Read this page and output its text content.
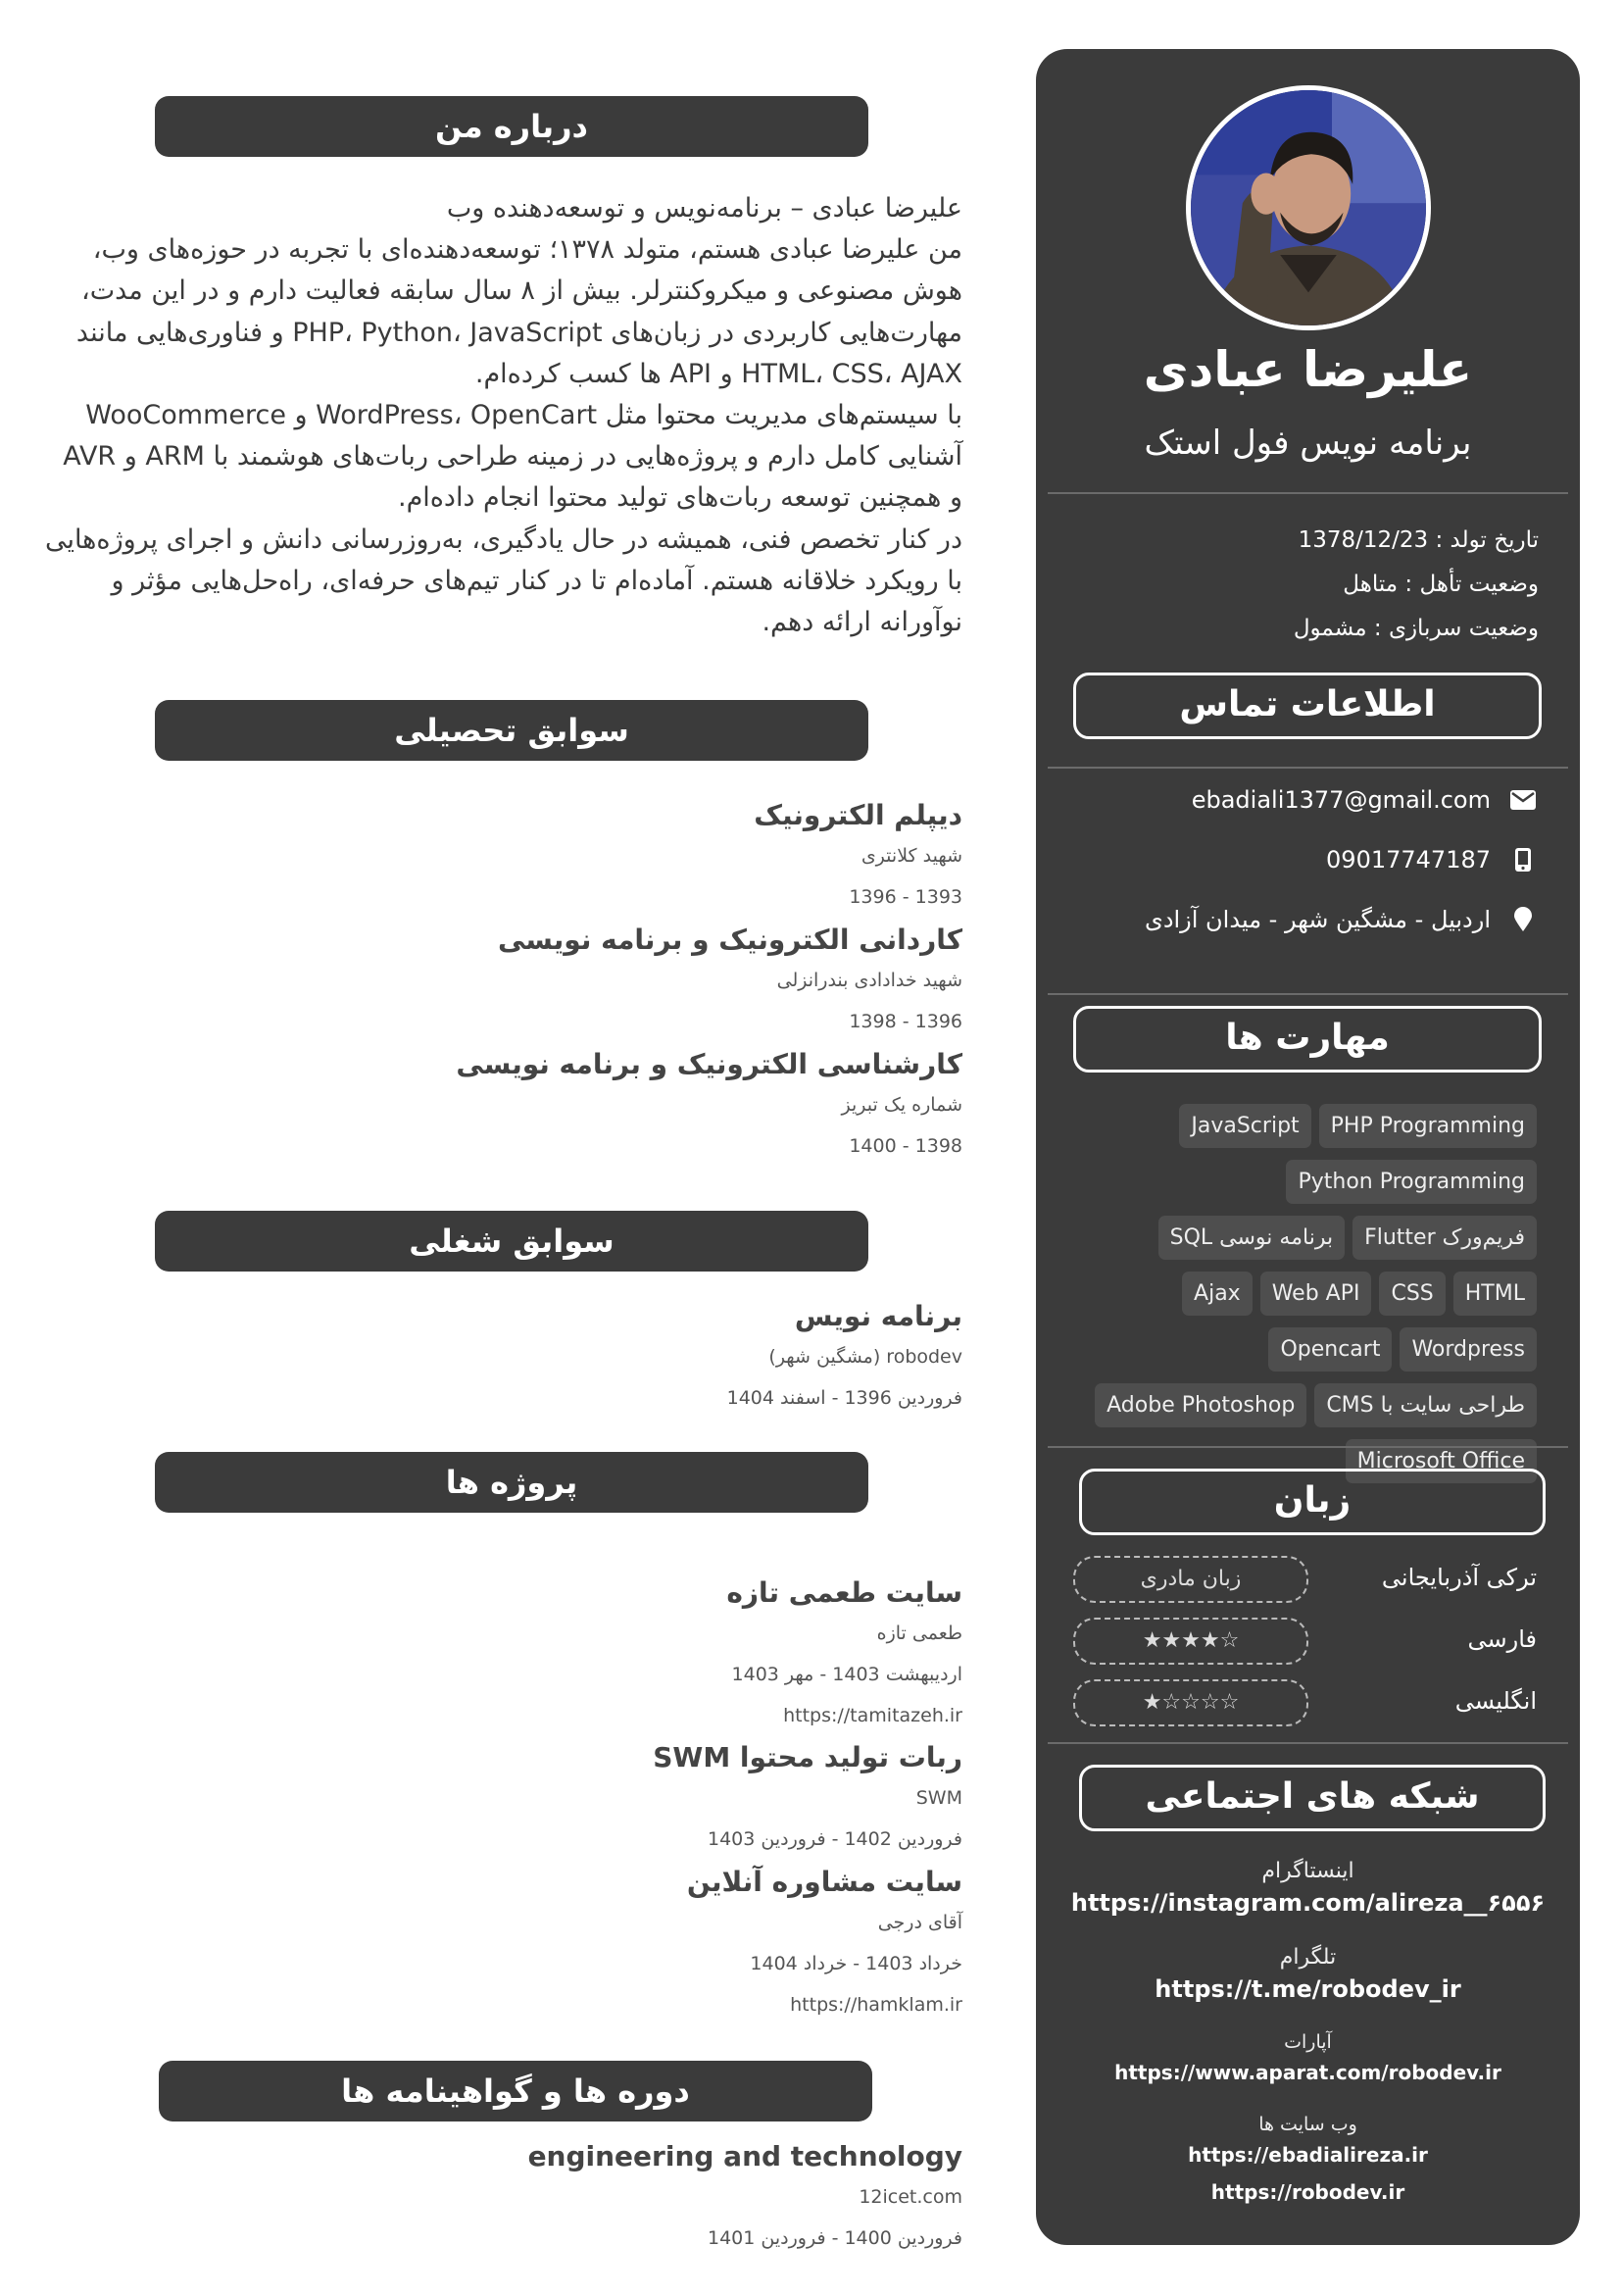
علیرضا عبادی
برنامه نویس فول استک
تاریخ تولد : 1378/12/23
وضعیت تأهل : متاهل
وضعیت سربازی : مشمول
اطلاعات تماس
ebadiali1377@gmail.com
09017747187
اردبیل - مشگین شهر - میدان آزادی
مهارت ها
PHP Programming
JavaScript
Python Programming
فریم‌ورک Flutter
برنامه نوسی SQL
HTML
CSS
Web API
Ajax
Wordpress
Opencart
طراحی سایت با CMS
Adobe Photoshop
Microsoft Office
زبان
ترکی آذربایجانی
زبان مادری
فارسی
★★★★☆
انگلیسی
★☆☆☆☆
شبکه های اجتماعی
اینستاگرام
https://instagram.com/alireza__۶۵۵۶
تلگرام
https://t.me/robodev_ir
آپارات
https://www.aparat.com/robodev.ir
وب سایت ها
https://ebadialireza.ir
https://robodev.ir
درباره من
علیرضا عبادی – برنامه‌نویس و توسعه‌دهنده وب
من علیرضا عبادی هستم، متولد ۱۳۷۸؛ توسعه‌دهنده‌ای با تجربه در حوزه‌های وب،
هوش مصنوعی و میکروکنترلر. بیش از ۸ سال سابقه فعالیت دارم و در این مدت،
مهارت‌هایی کاربردی در زبان‌های PHP، Python، JavaScript و فناوری‌هایی مانند
HTML، CSS، AJAX و API ها کسب کرده‌ام.
با سیستم‌های مدیریت محتوا مثل WordPress، OpenCart و WooCommerce
آشنایی کامل دارم و پروژه‌هایی در زمینه طراحی ربات‌های هوشمند با ARM و AVR
و همچنین توسعه ربات‌های تولید محتوا انجام داده‌ام.
در کنار تخصص فنی، همیشه در حال یادگیری، به‌روزرسانی دانش و اجرای پروژه‌هایی
با رویکرد خلاقانه هستم. آماده‌ام تا در کنار تیم‌های حرفه‌ای، راه‌حل‌هایی مؤثر و
نوآورانه ارائه دهم.
سوابق تحصیلی
دیپلم الکترونیک
شهید کلانتری
1393 - 1396
کاردانی الکترونیک و برنامه نویسی
شهید خدادادی بندرانزلی
1396 - 1398
کارشناسی الکترونیک و برنامه نویسی
شماره یک تبریز
1398 - 1400
سوابق شغلی
برنامه نویس
robodev (مشگین شهر)
فروردین 1396 - اسفند 1404
پروژه ها
سایت طعمی تازه
طعمی تازه
اردیبهشت 1403 - مهر 1403
https://tamitazeh.ir
ربات تولید محتوا SWM
SWM
فروردین 1402 - فروردین 1403
سایت مشاوره آنلاین
آقای درجی
خرداد 1403 - خرداد 1404
https://hamklam.ir
دوره ها و گواهینامه ها
engineering and technology
12icet.com
فروردین 1400 - فروردین 1401
